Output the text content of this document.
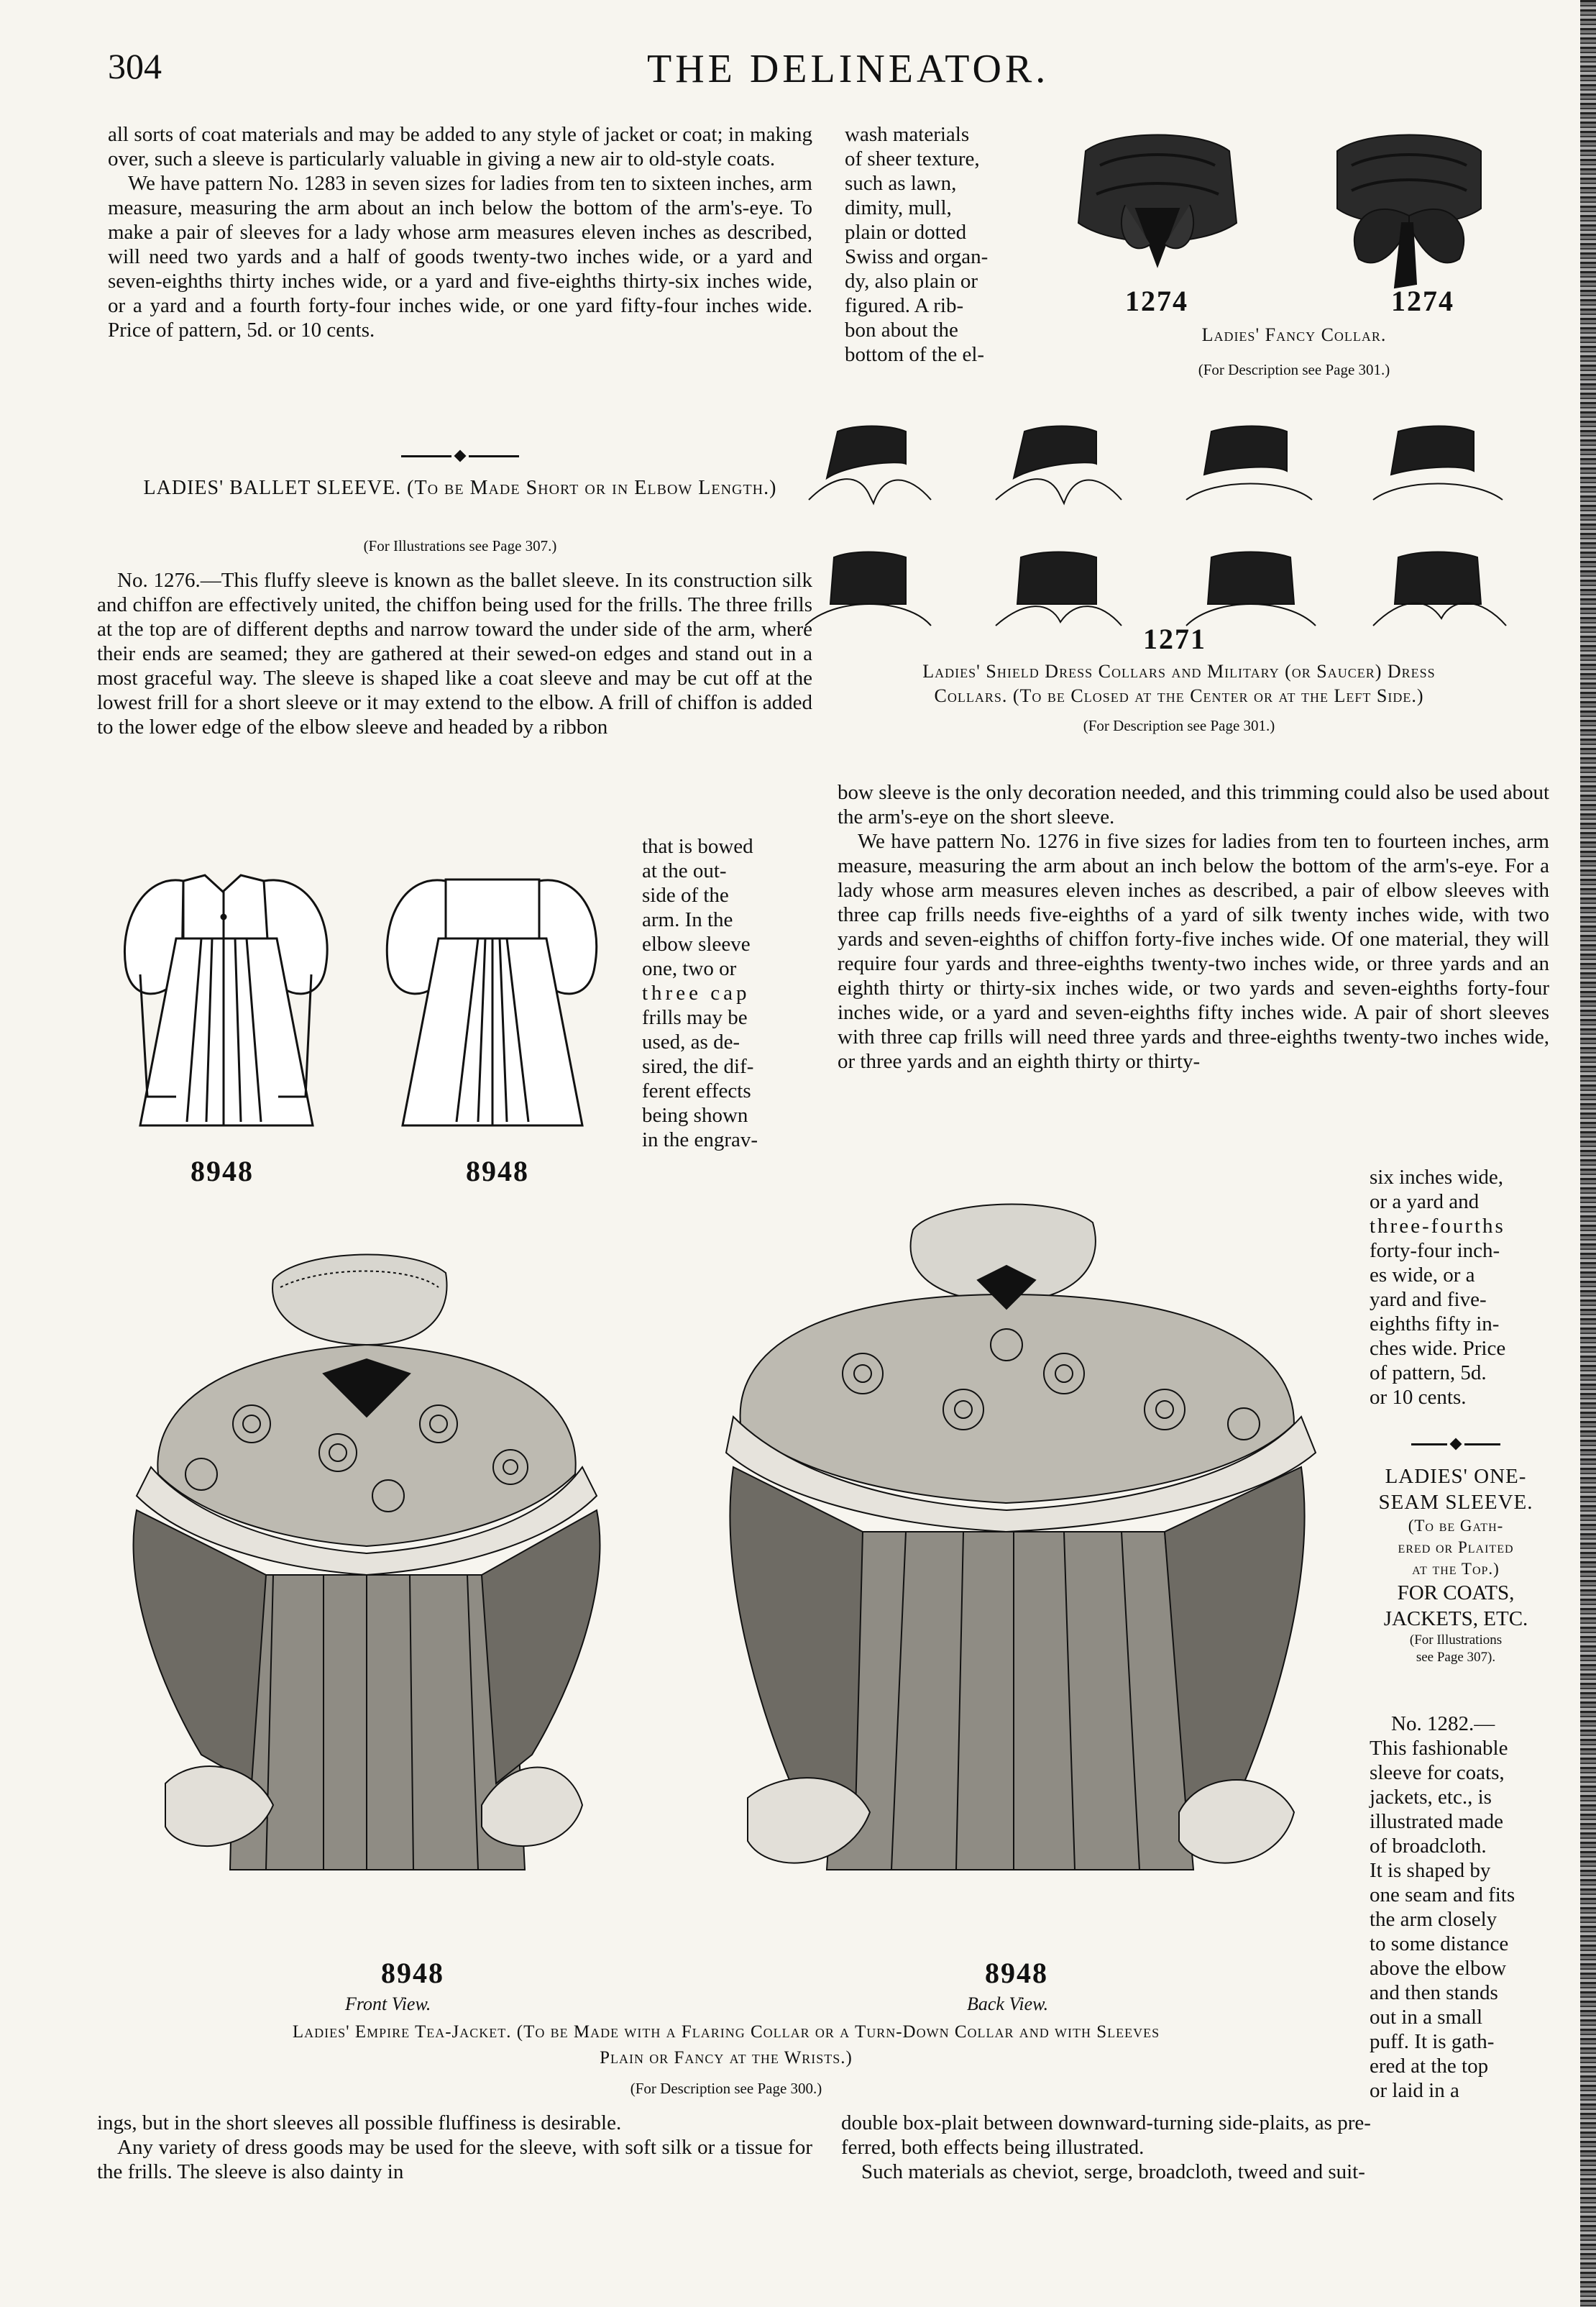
304	THE DELINEATOR.

all sorts of coat materials and may be added to any style of jacket or coat; in making over, such a sleeve is particularly valuable in giving a new air to old-style coats.

We have pattern No. 1283 in seven sizes for ladies from ten to sixteen inches, arm measure, measuring the arm about an inch below the bottom of the arm's-eye. To make a pair of sleeves for a lady whose arm measures eleven inches as described, will need two yards and a half of goods twenty-two inches wide, or a yard and seven-eighths thirty inches wide, or a yard and five-eighths thirty-six inches wide, or a yard and a fourth forty-four inches wide, or one yard fifty-four inches wide. Price of pattern, 5d. or 10 cents.

LADIES' BALLET SLEEVE. (To be Made Short or in Elbow Length.)
(For Illustrations see Page 307.)

No. 1276.—This fluffy sleeve is known as the ballet sleeve. In its construction silk and chiffon are effectively united, the chiffon being used for the frills. The three frills at the top are of different depths and narrow toward the under side of the arm, where their ends are seamed; they are gathered at their sewed-on edges and stand out in a most graceful way. The sleeve is shaped like a coat sleeve and may be cut off at the lowest frill for a short sleeve or it may extend to the elbow. A frill of chiffon is added to the lower edge of the elbow sleeve and headed by a ribbon

that is bowed
at the out-
side of the
arm. In the
elbow sleeve
one, two or
three cap
frills may be
used, as de-
sired, the dif-
ferent effects
being shown
in the engrav-
8948	8948
wash materials
of sheer texture,
such as lawn,
dimity, mull,
plain or dotted
Swiss and organ-
dy, also plain or
figured. A rib-
bon about the
bottom of the el-
1274	1274
Ladies' Fancy Collar.
(For Description see Page 301.)
1271
Ladies' Shield Dress Collars and Military (or Saucer) Dress
Collars. (To be Closed at the Center or at the Left Side.)
(For Description see Page 301.)

bow sleeve is the only decoration needed, and this trimming could also be used about the arm's-eye on the short sleeve.

We have pattern No. 1276 in five sizes for ladies from ten to fourteen inches, arm measure, measuring the arm about an inch below the bottom of the arm's-eye. For a lady whose arm measures eleven inches as described, a pair of elbow sleeves with three cap frills needs five-eighths of a yard of silk twenty inches wide, with two yards and seven-eighths of chiffon forty-five inches wide. Of one material, they will require four yards and three-eighths twenty-two inches wide, or three yards and an eighth thirty or thirty-six inches wide, or two yards and seven-eighths forty-four inches wide, or a yard and seven-eighths fifty inches wide. A pair of short sleeves with three cap frills will need three yards and three-eighths twenty-two inches wide, or three yards and an eighth thirty or thirty-

six inches wide,
or a yard and
three-fourths
forty-four inch-
es wide, or a
yard and five-
eighths fifty in-
ches wide. Price
of pattern, 5d.
or 10 cents.
LADIES' ONE-
SEAM SLEEVE.
(To be Gath-
ered or Plaited
at the Top.)
FOR COATS,
JACKETS, ETC.
(For Illustrations
see Page 307).
No. 1282.—
This fashionable
sleeve for coats,
jackets, etc., is
illustrated made
of broadcloth.
It is shaped by
one seam and fits
the arm closely
to some distance
above the elbow
and then stands
out in a small
puff. It is gath-
ered at the top
or laid in a
8948
Front View.
8948
Back View.
Ladies' Empire Tea-Jacket. (To be Made with a Flaring Collar or a Turn-Down Collar and with Sleeves
Plain or Fancy at the Wrists.)
(For Description see Page 300.)

ings, but in the short sleeves all possible fluffiness is desirable.

Any variety of dress goods may be used for the sleeve, with soft silk or a tissue for the frills. The sleeve is also dainty in

double box-plait between downward-turning side-plaits, as pre-
ferred, both effects being illustrated.
Such materials as cheviot, serge, broadcloth, tweed and suit-
